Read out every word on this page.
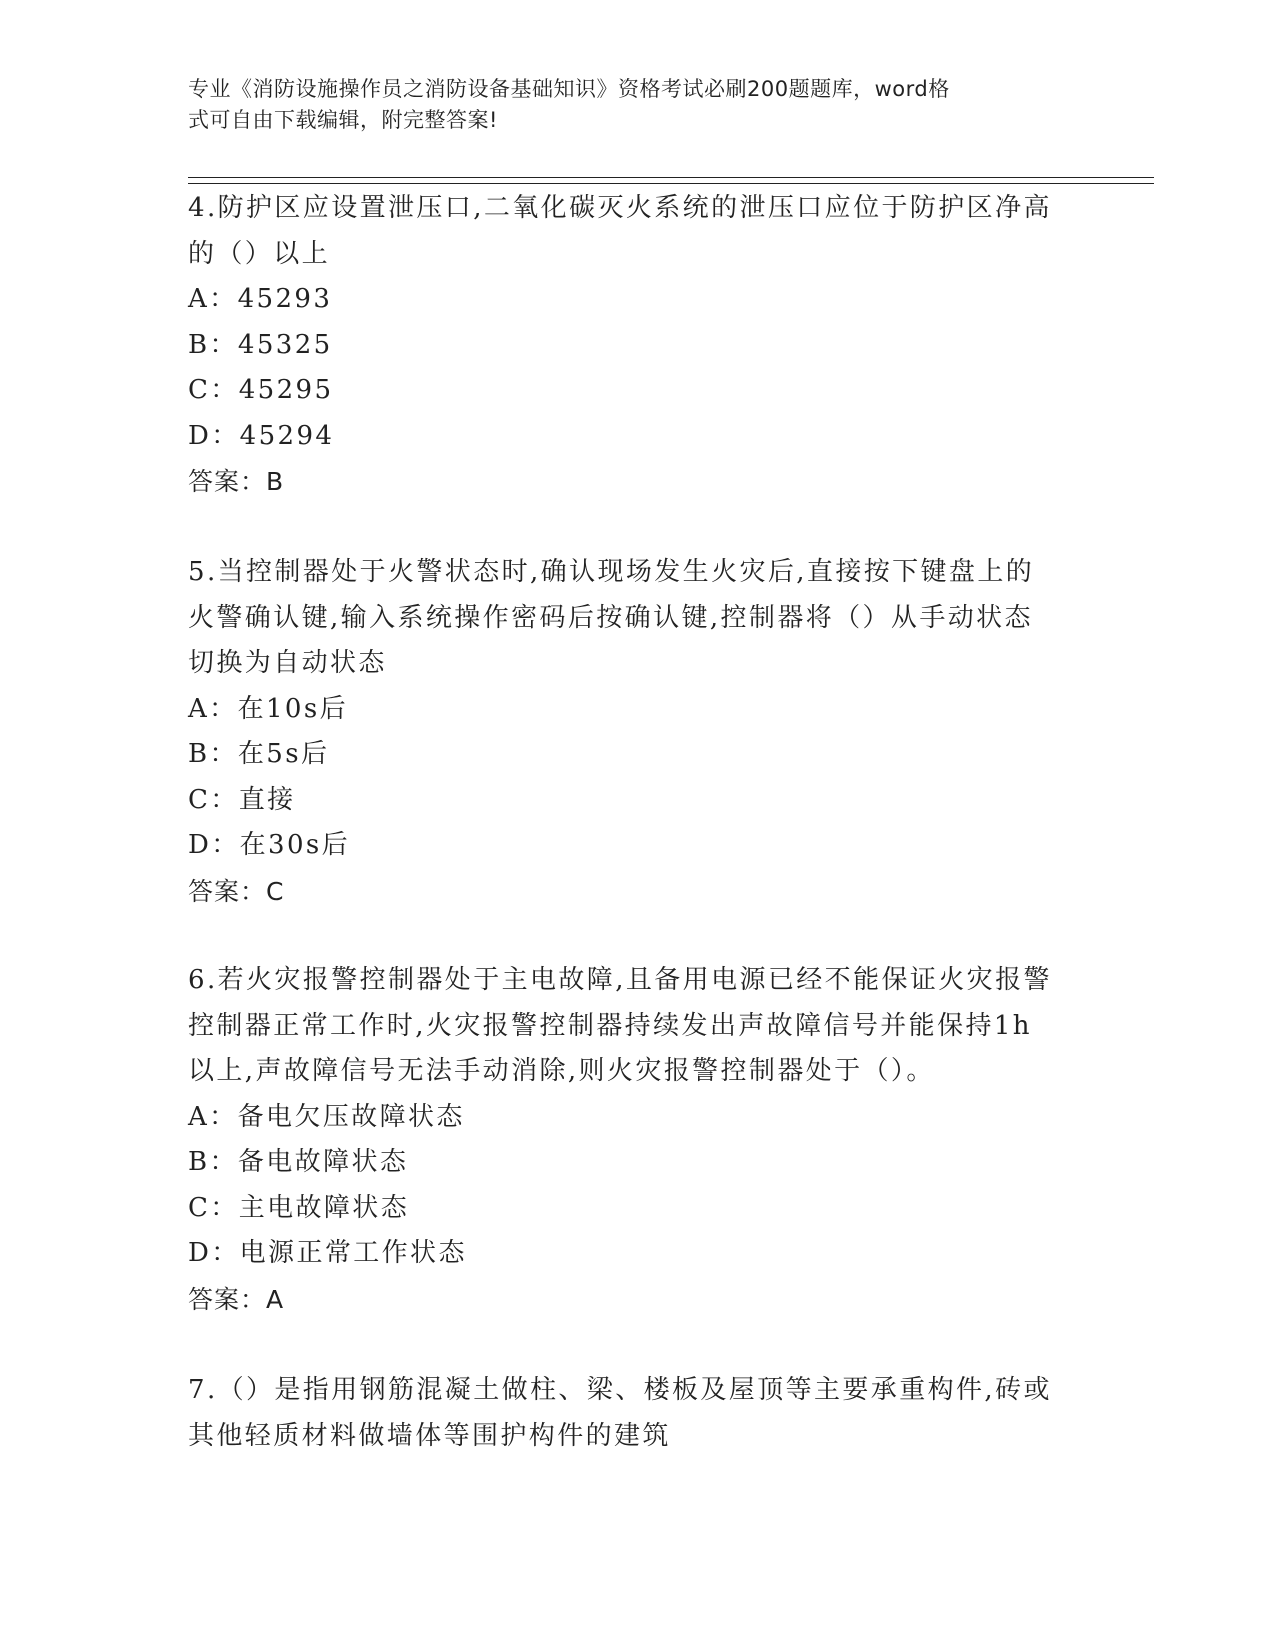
专业《消防设施操作员之消防设备基础知识》资格考试必刷200题题库，word格
式可自由下载编辑，附完整答案!
4.防护区应设置泄压口,二氧化碳灭火系统的泄压口应位于防护区净高
的（）以上
A：45293
B：45325
C：45295
D：45294
答案：B
5.当控制器处于火警状态时,确认现场发生火灾后,直接按下键盘上的
火警确认键,输入系统操作密码后按确认键,控制器将（）从手动状态
切换为自动状态
A：在10s后
B：在5s后
C：直接
D：在30s后
答案：C
6.若火灾报警控制器处于主电故障,且备用电源已经不能保证火灾报警
控制器正常工作时,火灾报警控制器持续发出声故障信号并能保持1h
以上,声故障信号无法手动消除,则火灾报警控制器处于（）。
A：备电欠压故障状态
B：备电故障状态
C：主电故障状态
D：电源正常工作状态
答案：A
7.（）是指用钢筋混凝土做柱、梁、楼板及屋顶等主要承重构件,砖或
其他轻质材料做墙体等围护构件的建筑
